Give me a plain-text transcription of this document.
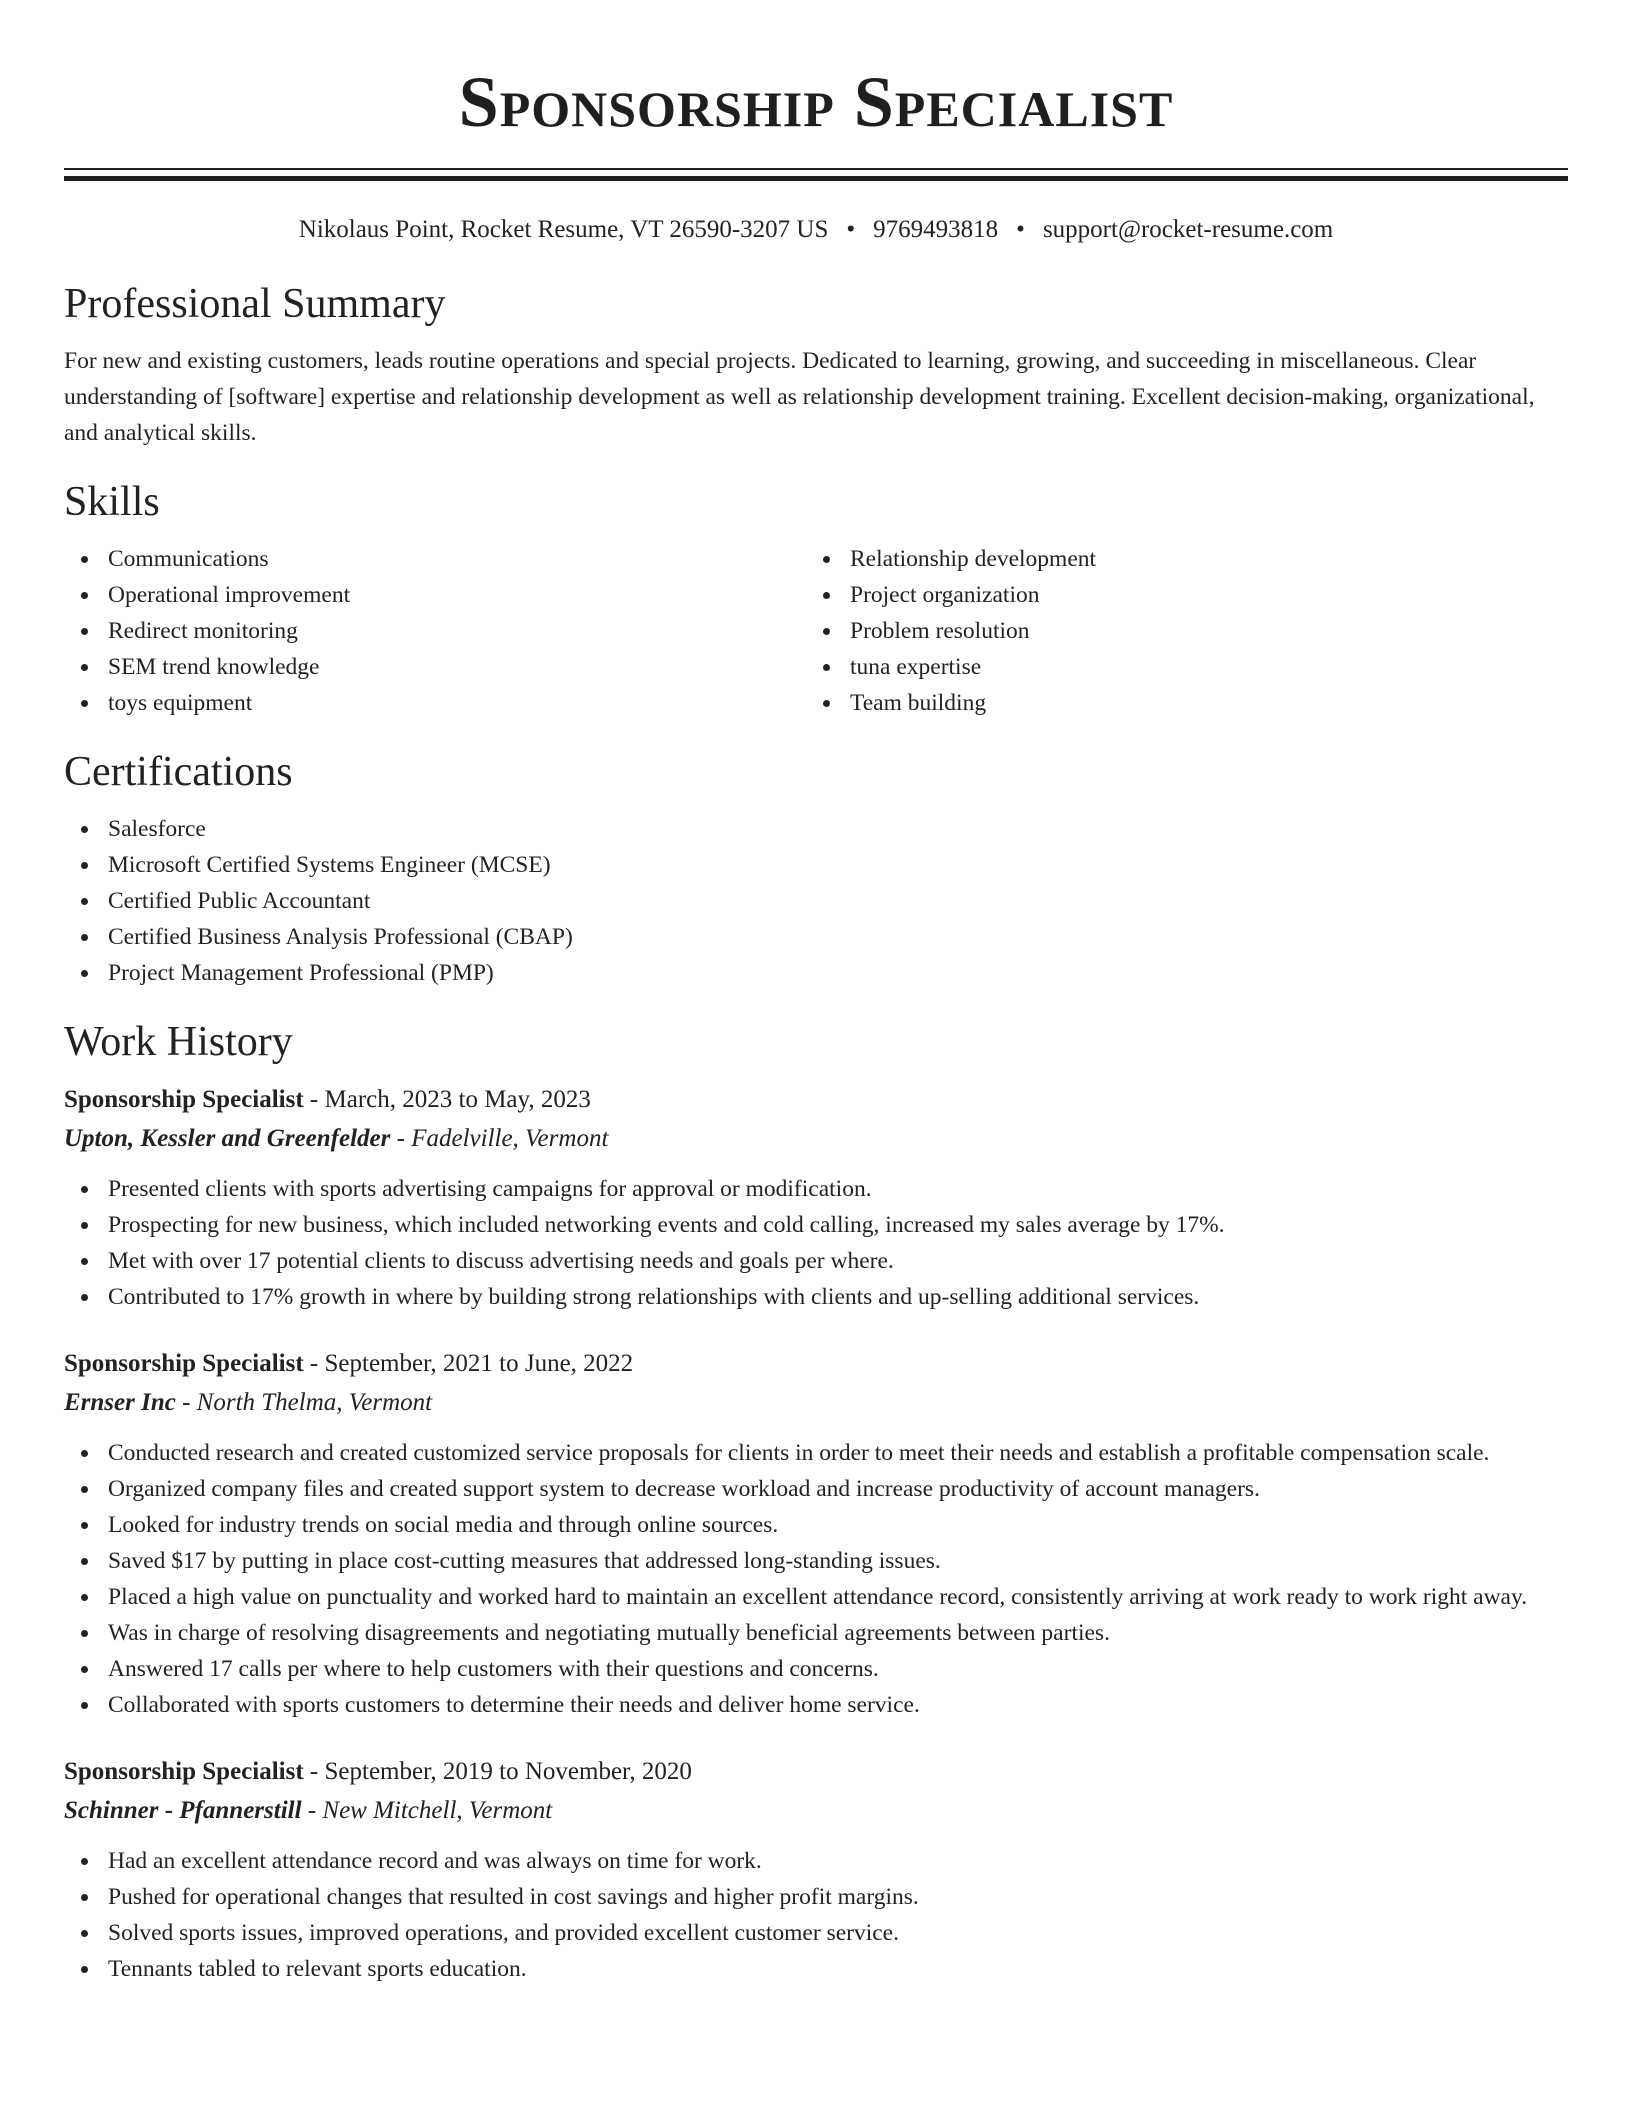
Sponsorship Specialist
Nikolaus Point, Rocket Resume, VT 26590-3207 US • 9769493818 • support@rocket-resume.com
Professional Summary

For new and existing customers, leads routine operations and special projects. Dedicated to learning, growing, and succeeding in miscellaneous. Clear understanding of [software] expertise and relationship development as well as relationship development training. Excellent decision-making, organizational, and analytical skills.

Skills
Communications
Operational improvement
Redirect monitoring
SEM trend knowledge
toys equipment
Relationship development
Project organization
Problem resolution
tuna expertise
Team building
Certifications
Salesforce
Microsoft Certified Systems Engineer (MCSE)
Certified Public Accountant
Certified Business Analysis Professional (CBAP)
Project Management Professional (PMP)
Work History

Sponsorship Specialist - March, 2023 to May, 2023

Upton, Kessler and Greenfelder - Fadelville, Vermont

Presented clients with sports advertising campaigns for approval or modification.
Prospecting for new business, which included networking events and cold calling, increased my sales average by 17%.
Met with over 17 potential clients to discuss advertising needs and goals per where.
Contributed to 17% growth in where by building strong relationships with clients and up-selling additional services.

Sponsorship Specialist - September, 2021 to June, 2022

Ernser Inc - North Thelma, Vermont

Conducted research and created customized service proposals for clients in order to meet their needs and establish a profitable compensation scale.
Organized company files and created support system to decrease workload and increase productivity of account managers.
Looked for industry trends on social media and through online sources.
Saved $17 by putting in place cost-cutting measures that addressed long-standing issues.
Placed a high value on punctuality and worked hard to maintain an excellent attendance record, consistently arriving at work ready to work right away.
Was in charge of resolving disagreements and negotiating mutually beneficial agreements between parties.
Answered 17 calls per where to help customers with their questions and concerns.
Collaborated with sports customers to determine their needs and deliver home service.

Sponsorship Specialist - September, 2019 to November, 2020

Schinner - Pfannerstill - New Mitchell, Vermont

Had an excellent attendance record and was always on time for work.
Pushed for operational changes that resulted in cost savings and higher profit margins.
Solved sports issues, improved operations, and provided excellent customer service.
Tennants tabled to relevant sports education.
